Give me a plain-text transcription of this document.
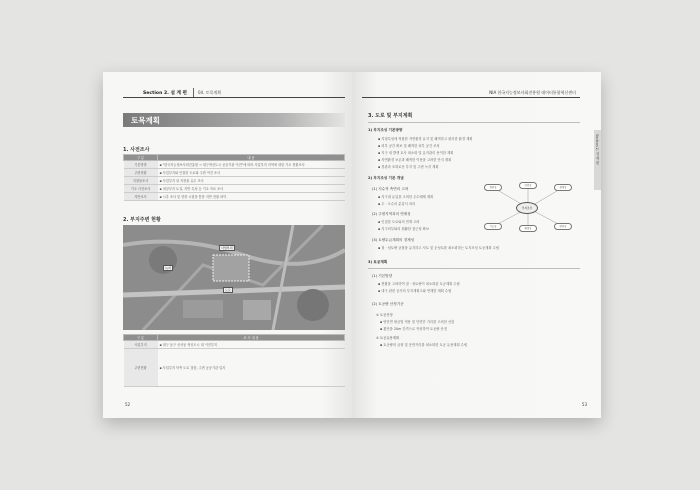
Section 2. 설 계 편	04. 토목계획
토목계획
1. 사전조사
구 분	내 용
기본방향	▪ "한국지능정보사회진흥원 → 대구혁신도시 공공기관 이전"에 따라 사업부지 지역에 대한 기초 현황조사
주변현황	▪ 사업부지와 인접한 도로와 주변 여건 조사
지장물조사	▪ 사업부지 내 지장물 유무 조사
기초 사전조사	▪ 대상부지 토질, 지반 특성 등 기초 자료 조사
지반조사	▪ 시추 조사 및 현장 시험을 통한 지반 현황 파악
2. 부지주변 현황
사업부지
도로
녹지
구 분	조 사 내 용
사업부지	▪ 대구 동구 신서동 혁신도시 내 이전부지
주변현황	▪ 사업부지 북측 도로 접함, 주변 공공기관 입지
52
NIA 한국지능정보사회진흥원 데이터통합혁신센터
Section 2. 설 계 편
3. 도로 및 부지계획
1) 부지조성 기본방향
▪ 지형특성에 적합한 자연환경 유지 및 쾌적하고 편리한 환경 계획
▪ 외부 공간 확보 및 쾌적한 외부 공간 조성
▪ 지구 내 발생 토사 최소화 및 유지관리 용이한 계획
▪ 자연환경 보존과 쾌적한 이용을 고려한 단지 계획
▪ 경관과 조화로운 부지 및 주변 녹지 계획
2) 부지조성 기본 개념
(1) 지수적 측면의 고려
▪ 지구내 유입을 고려한 우수배제 계획
▪ 우 · 오수의 분류식 처리
(2) 주변지역과의 연계성
▪ 인접한 도로와의 연계 고려
▪ 지구외부와의 원활한 접근성 확보
(3) 토량수급계획의 경제성
▪ 절 · 성토량 균형을 유지하고 사토 및 순성토를 최소화하는 토지조성 토공계획 수립
부지조성
경관성
안전성
경제성
기능성
환경성
편리성
3) 토공계획
(1) 기본방향
▪ 현황을 고려하여 절 · 성토량이 최소화된 토공계획 수립
▪ 대구 관련 공사의 부지계획고와 연계한 계획 수립
(2) 토공량 산정기준
① 토공산정
▪ 양단면 평균법 적용 및 단면간 거리를 고려한 산출
▪ 횡단을 20m 간격으로 작성하여 토공량 산정
② 토공유용계획
▪ 토공량의 균형 및 운반거리를 최소화한 토공 유용계획 수립
53
